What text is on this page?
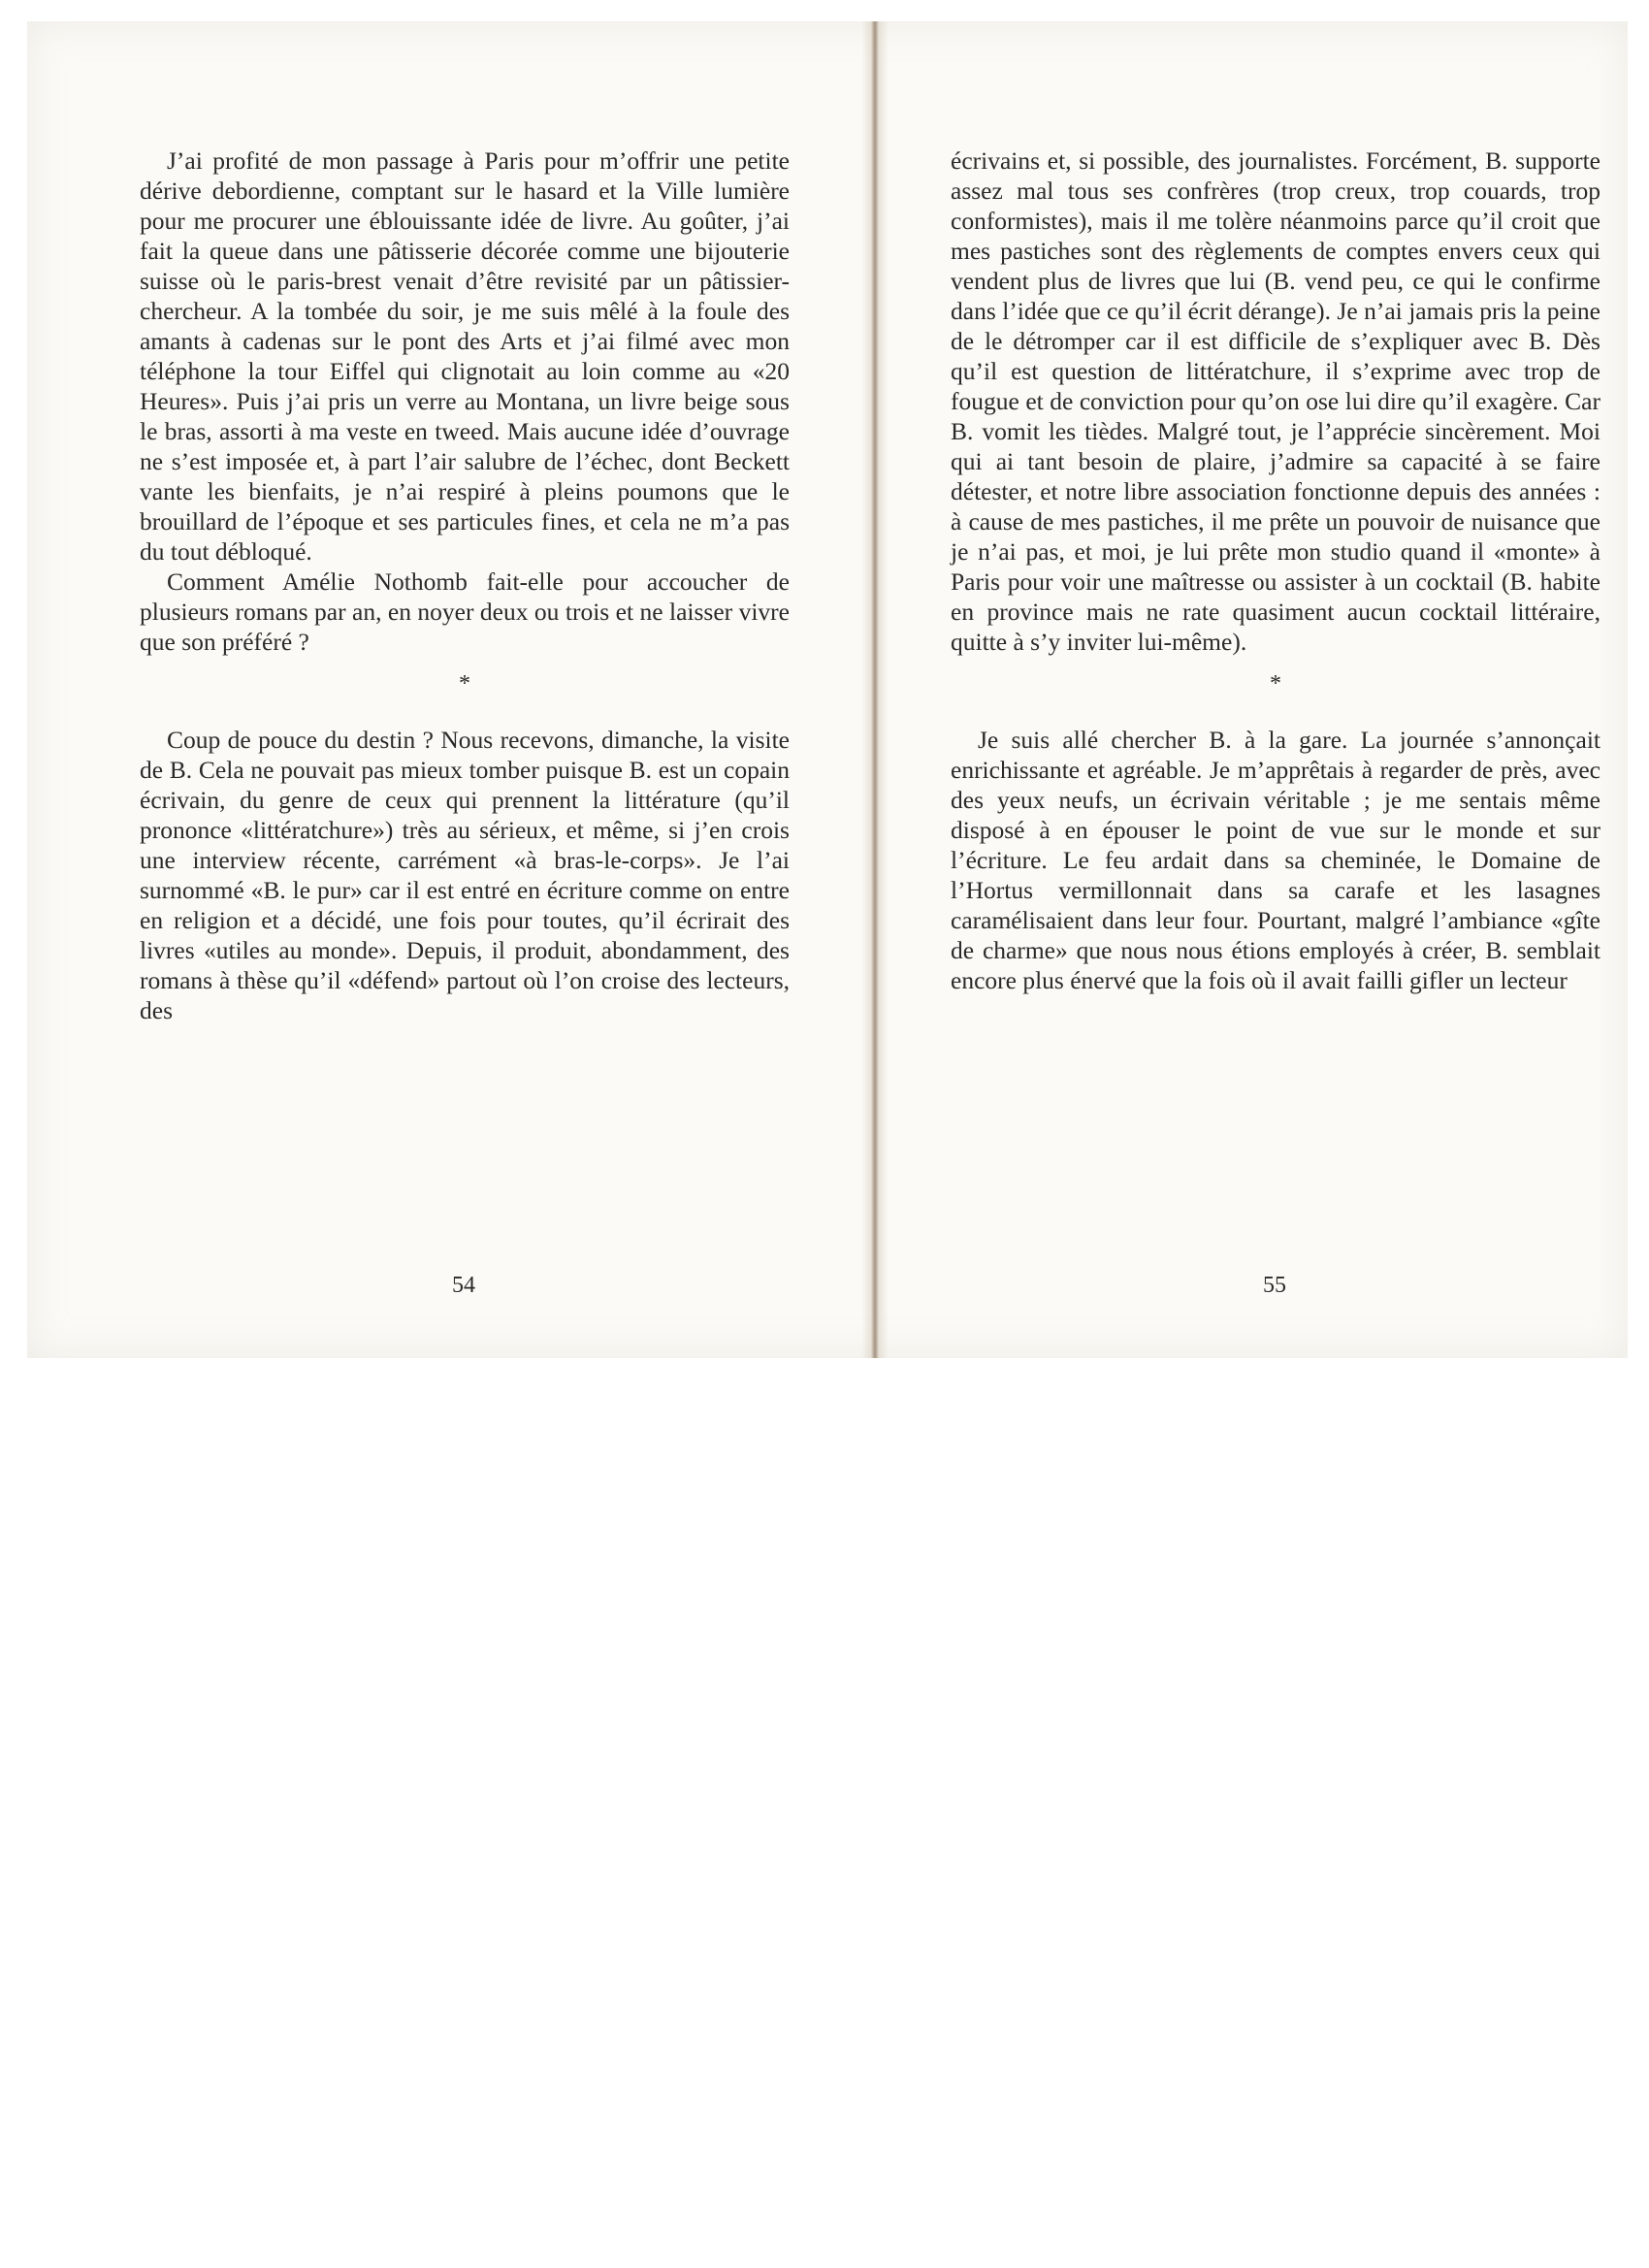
J’ai profité de mon passage à Paris pour m’offrir une petite dérive debordienne, comptant sur le hasard et la Ville lumière pour me procurer une éblouissante idée de livre. Au goûter, j’ai fait la queue dans une pâtisserie décorée comme une bijouterie suisse où le paris-brest venait d’être revisité par un pâtissier-chercheur. A la tombée du soir, je me suis mêlé à la foule des amants à cadenas sur le pont des Arts et j’ai filmé avec mon téléphone la tour Eiffel qui clignotait au loin comme au «20 Heures». Puis j’ai pris un verre au Montana, un livre beige sous le bras, assorti à ma veste en tweed. Mais aucune idée d’ouvrage ne s’est imposée et, à part l’air salubre de l’échec, dont Beckett vante les bienfaits, je n’ai respiré à pleins poumons que le brouillard de l’époque et ses particules fines, et cela ne m’a pas du tout débloqué.

Comment Amélie Nothomb fait-elle pour accoucher de plusieurs romans par an, en noyer deux ou trois et ne laisser vivre que son préféré ?

*

Coup de pouce du destin ? Nous recevons, dimanche, la visite de B. Cela ne pouvait pas mieux tomber puisque B. est un copain écrivain, du genre de ceux qui prennent la littérature (qu’il prononce «littératchure») très au sérieux, et même, si j’en crois une interview récente, carrément «à bras-le-corps». Je l’ai surnommé «B. le pur» car il est entré en écriture comme on entre en religion et a décidé, une fois pour toutes, qu’il écrirait des livres «utiles au monde». Depuis, il produit, abondamment, des romans à thèse qu’il «défend» partout où l’on croise des lecteurs, des

54

écrivains et, si possible, des journalistes. Forcément, B. supporte assez mal tous ses confrères (trop creux, trop couards, trop conformistes), mais il me tolère néanmoins parce qu’il croit que mes pastiches sont des règlements de comptes envers ceux qui vendent plus de livres que lui (B. vend peu, ce qui le confirme dans l’idée que ce qu’il écrit dérange). Je n’ai jamais pris la peine de le détromper car il est difficile de s’expliquer avec B. Dès qu’il est question de littératchure, il s’exprime avec trop de fougue et de conviction pour qu’on ose lui dire qu’il exagère. Car B. vomit les tièdes. Malgré tout, je l’apprécie sincèrement. Moi qui ai tant besoin de plaire, j’admire sa capacité à se faire détester, et notre libre association fonctionne depuis des années : à cause de mes pastiches, il me prête un pouvoir de nuisance que je n’ai pas, et moi, je lui prête mon studio quand il «monte» à Paris pour voir une maîtresse ou assister à un cocktail (B. habite en province mais ne rate quasiment aucun cocktail littéraire, quitte à s’y inviter lui-même).

*

Je suis allé chercher B. à la gare. La journée s’annonçait enrichissante et agréable. Je m’apprêtais à regarder de près, avec des yeux neufs, un écrivain véritable ; je me sentais même disposé à en épouser le point de vue sur le monde et sur l’écriture. Le feu ardait dans sa cheminée, le Domaine de l’Hortus vermillonnait dans sa carafe et les lasagnes caramélisaient dans leur four. Pourtant, malgré l’ambiance «gîte de charme» que nous nous étions employés à créer, B. semblait encore plus énervé que la fois où il avait failli gifler un lecteur

55
